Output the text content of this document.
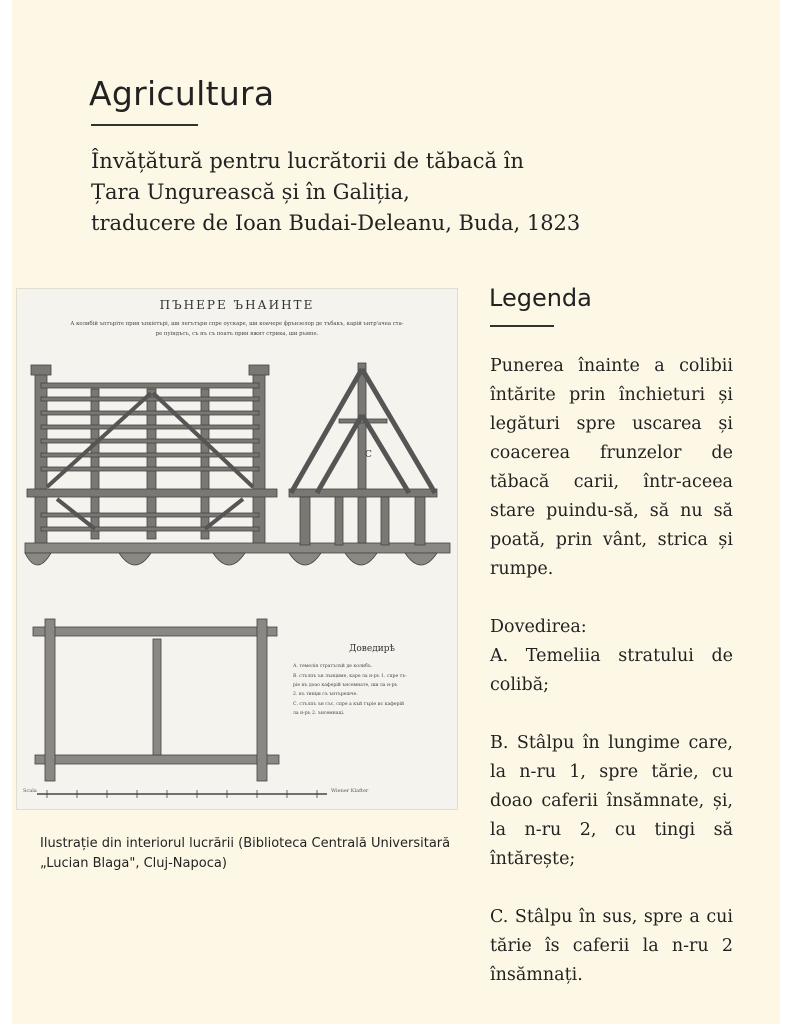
Agricultura
Învățătură pentru lucrătorii de tăbacă în
Țara Ungurească și în Galiția,
traducere de Ioan Budai-Deleanu, Buda, 1823
ПЪНЕРЕ ЪНАИНТЕ
А колибій ъптъріте прин ъпкіетърі, ши легътъри спре оускаре, ши коачере фрънзелор де тъбакъ, карій ънтр'ачеа ста-
ре пуіндъсъ, съ нъ съ поатъ прин вжнт стрика, ши ръмпе.
C
Доведирѣ
А. темелія стратълъй де колибъ.
В. стълпъ ън лънциме, каре ла н-ръ 1. спре тъ-
ріе къ доао каферій ънсемнате, ши ла н-ръ
2. къ тинџи съ ънтърешче.
С. стълпъ ън със, спре а къй търіе ис каферій
ла н-ръ 2. ънсемнаці.
Scala	Wiener Klafter
Ilustrație din interiorul lucrării (Biblioteca Centrală Universitară
„Lucian Blaga", Cluj-Napoca)
Legenda

Punerea înainte a colibii întărite prin închieturi și legături spre uscarea și coacerea frunzelor de tăbacă carii, într-aceea stare puindu-să, să nu să poată, prin vânt, strica și rumpe.

Dovedirea:

A. Temeliia stratului de colibă;

B. Stâlpu în lungime care, la n-ru 1, spre tărie, cu doao caferii însămnate, și, la n-ru 2, cu tingi să întărește;

C. Stâlpu în sus, spre a cui tărie îs caferii la n-ru 2 însămnați.
